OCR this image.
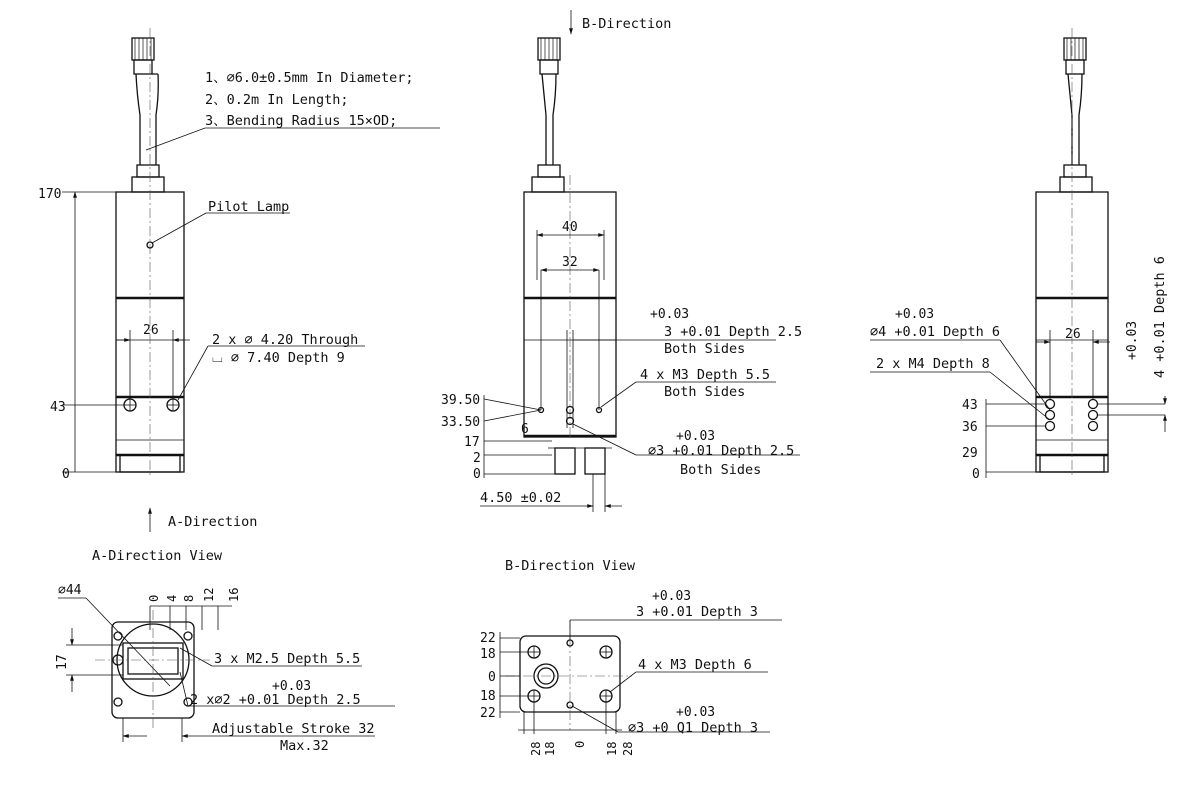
1、∅6.0±0.5mm In Diameter;
2、0.2m In Length;
3、Bending Radius 15×OD;
Pilot Lamp
170
43
0
26
2 x ∅ 4.20 Through
⌴ ∅ 7.40 Depth 9
A-Direction
B-Direction
40
32
+0.03
3 +0.01 Depth 2.5
Both Sides
4 x M3 Depth 5.5
Both Sides
+0.03
∅3 +0.01 Depth 2.5
Both Sides
39.50
33.50	6
17
2
0
4.50 ±0.02
26
+0.03
∅4 +0.01 Depth 6
2 x M4 Depth 8
43
36
29
0
+0.03 4 +0.01 Depth 6
A-Direction View
∅44
0 4 8 12 16
17	3 x M2.5 Depth 5.5
+0.03
2 x∅2 +0.01 Depth 2.5
Adjustable Stroke 32
Max.32
B-Direction View
+0.03
3 +0.01 Depth 3
4 x M3 Depth 6
+0.03
∅3 +0 Q1 Depth 3
22
18
0
18
22
28 18 0 18 28
